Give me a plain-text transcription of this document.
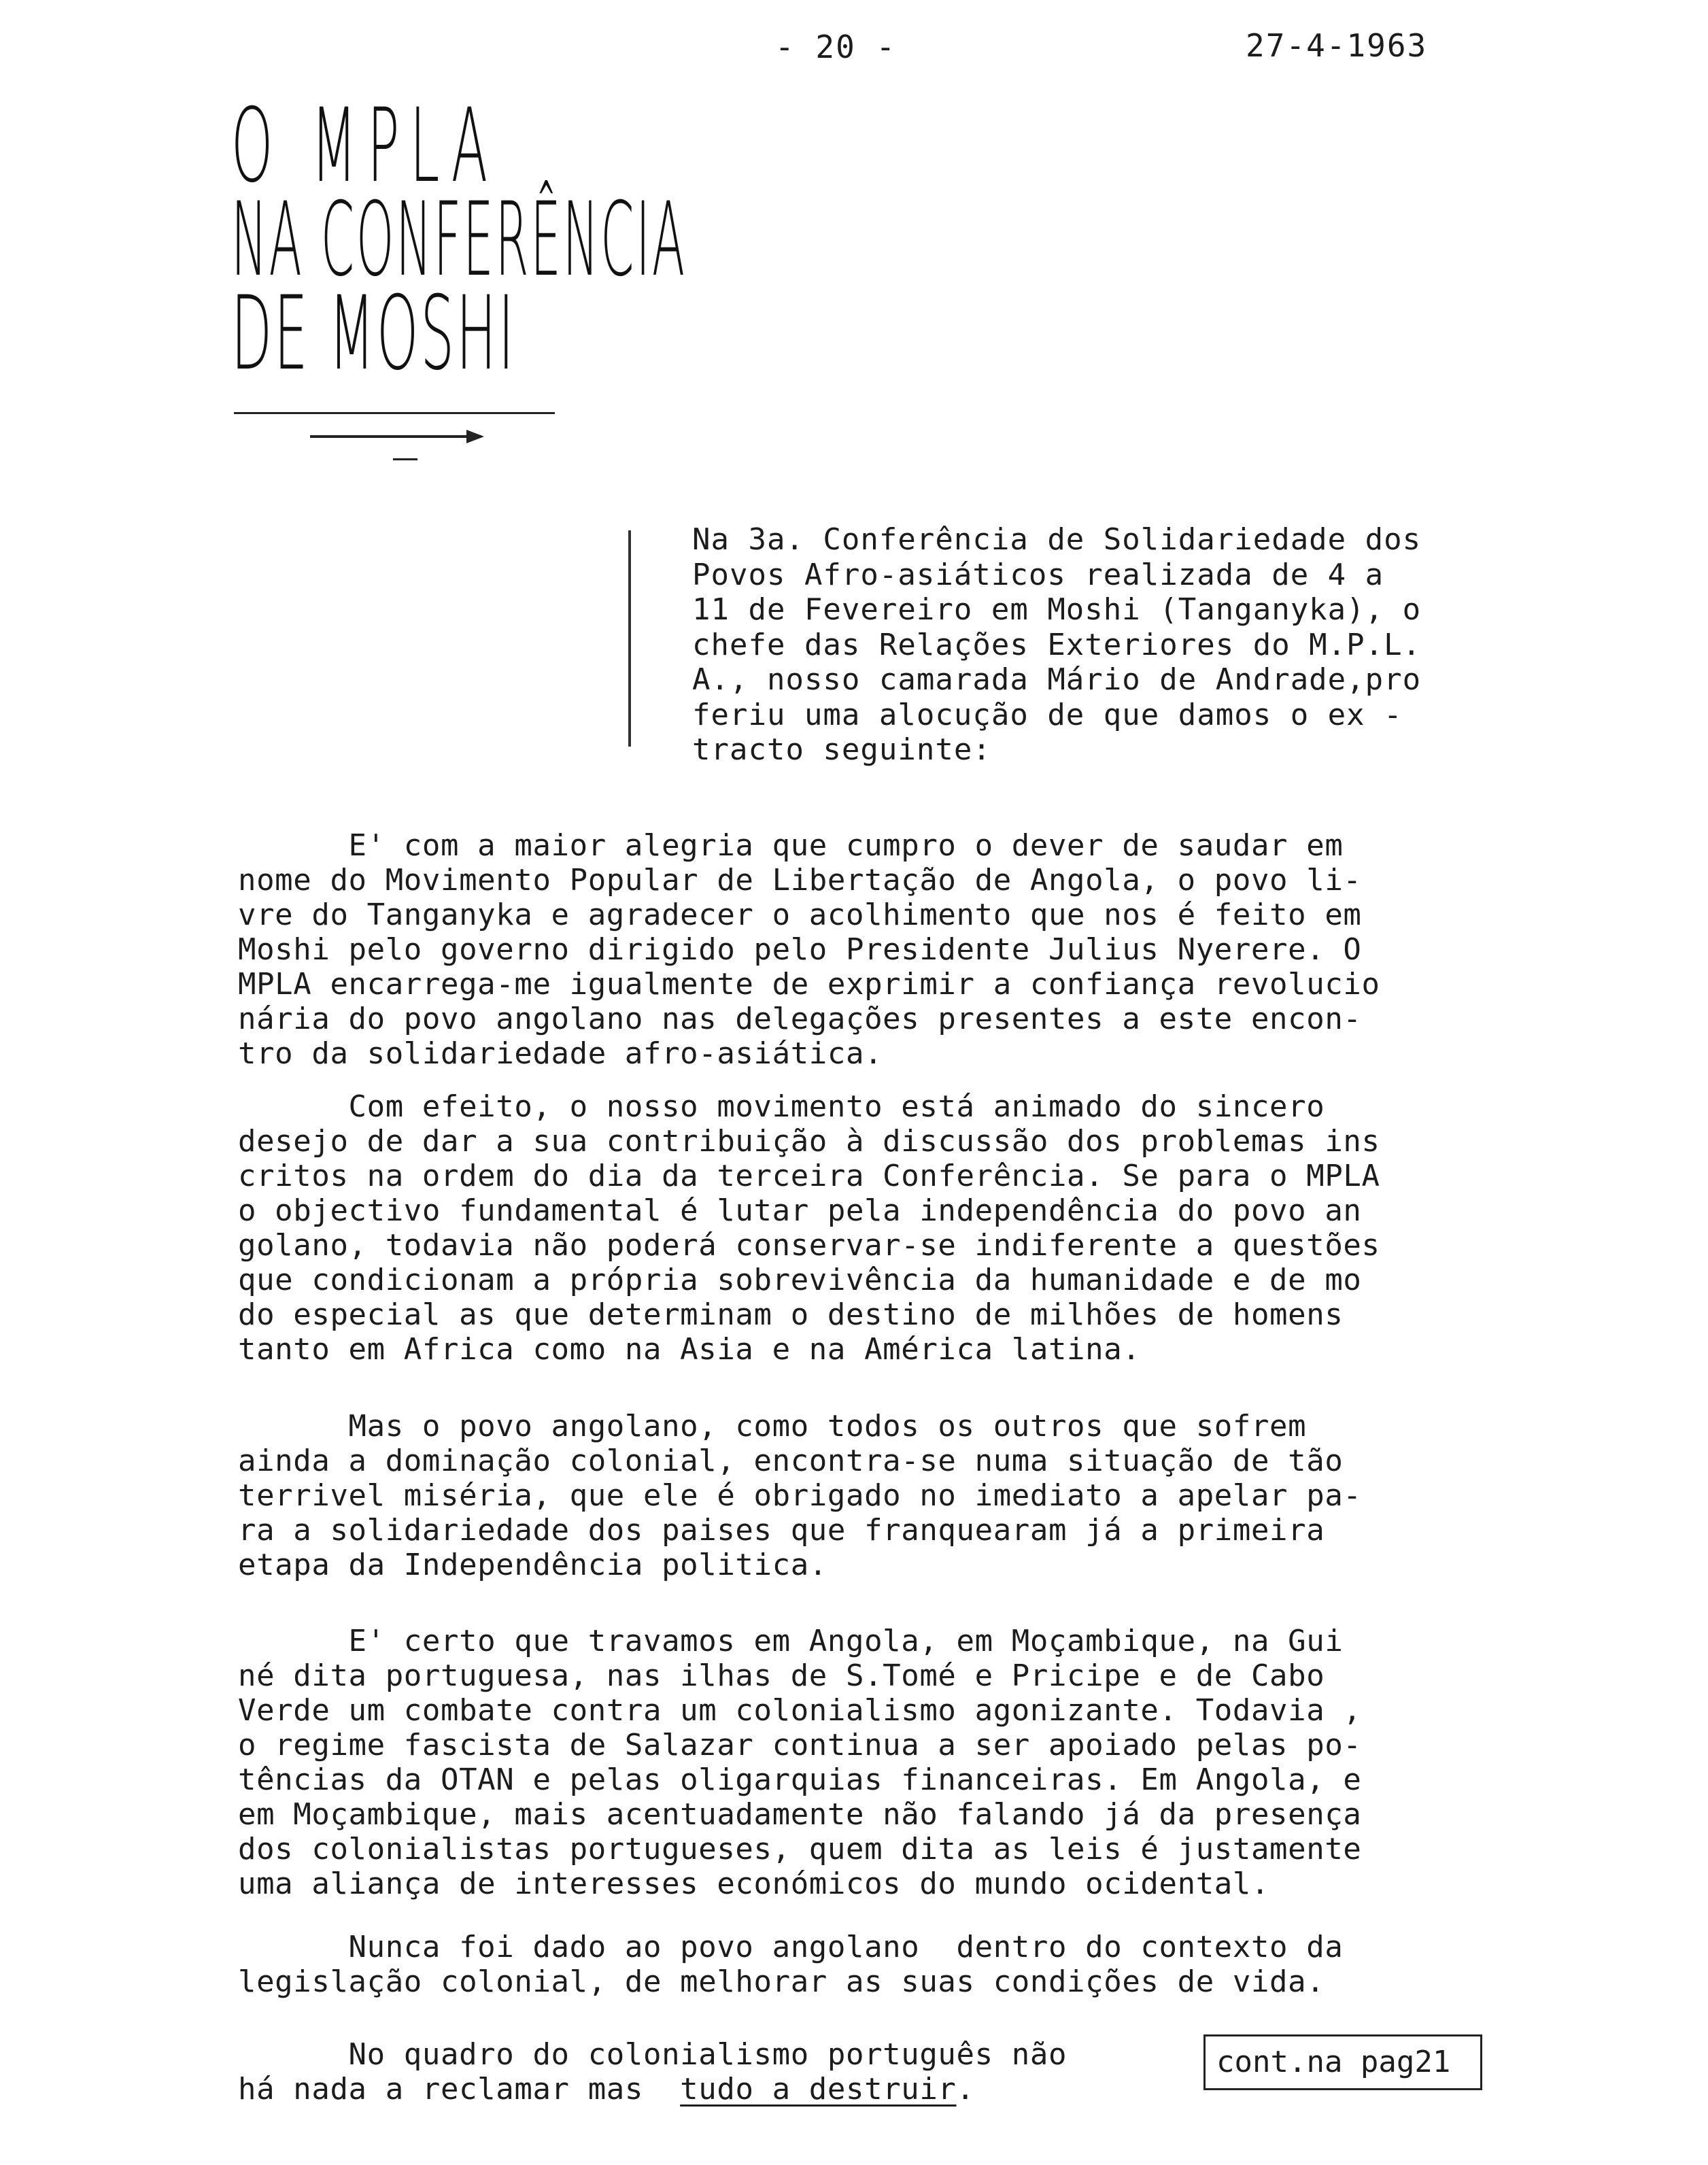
- 20 -	27-4-1963
O MPLA
NA CONFERÊNCIA
DE MOSHI
Na 3a. Conferência de Solidariedade dos
Povos Afro-asiáticos realizada de 4 a
11 de Fevereiro em Moshi (Tanganyka), o
chefe das Relações Exteriores do M.P.L.
A., nosso camarada Mário de Andrade,pro
feriu uma alocução de que damos o ex -
tracto seguinte:
E' com a maior alegria que cumpro o dever de saudar em
nome do Movimento Popular de Libertação de Angola, o povo li-
vre do Tanganyka e agradecer o acolhimento que nos é feito em
Moshi pelo governo dirigido pelo Presidente Julius Nyerere. O
MPLA encarrega-me igualmente de exprimir a confiança revolucio
nária do povo angolano nas delegações presentes a este encon-
tro da solidariedade afro-asiática.
Com efeito, o nosso movimento está animado do sincero
desejo de dar a sua contribuição à discussão dos problemas ins
critos na ordem do dia da terceira Conferência. Se para o MPLA
o objectivo fundamental é lutar pela independência do povo an
golano, todavia não poderá conservar-se indiferente a questões
que condicionam a própria sobrevivência da humanidade e de mo
do especial as que determinam o destino de milhões de homens
tanto em Africa como na Asia e na América latina.
Mas o povo angolano, como todos os outros que sofrem
ainda a dominação colonial, encontra-se numa situação de tão
terrivel miséria, que ele é obrigado no imediato a apelar pa-
ra a solidariedade dos paises que franquearam já a primeira
etapa da Independência politica.
E' certo que travamos em Angola, em Moçambique, na Gui
né dita portuguesa, nas ilhas de S.Tomé e Pricipe e de Cabo
Verde um combate contra um colonialismo agonizante. Todavia ,
o regime fascista de Salazar continua a ser apoiado pelas po-
tências da OTAN e pelas oligarquias financeiras. Em Angola, e
em Moçambique, mais acentuadamente não falando já da presença
dos colonialistas portugueses, quem dita as leis é justamente
uma aliança de interesses económicos do mundo ocidental.
Nunca foi dado ao povo angolano  dentro do contexto da
legislação colonial, de melhorar as suas condições de vida.
No quadro do colonialismo português não
há nada a reclamar mas  tudo a destruir.
cont.na pag21
